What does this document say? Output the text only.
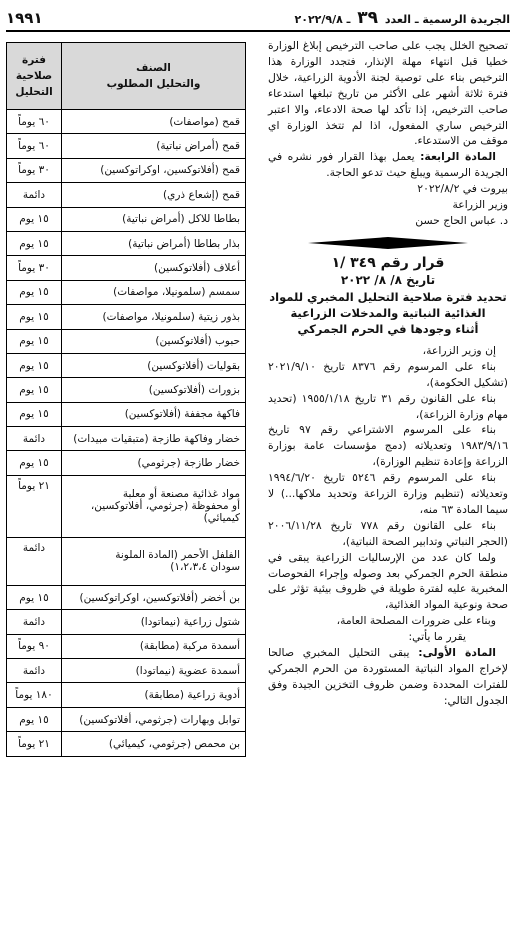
١٩٩١	الجريدة الرسمية ـ العدد ٣٩ ـ ٢٠٢٢/٩/٨

تصحيح الخلل يجب على صاحب الترخيص إبلاغ الوزارة خطيا قبل انتهاء مهلة الإنذار، فتجدد الوزارة هذا الترخيص بناء على توصية لجنة الأدوية الزراعية، خلال فترة ثلاثة أشهر على الأكثر من تاريخ تبلغها استدعاء صاحب الترخيص، إذا تأكد لها صحة الادعاء، والا اعتبر الترخيص ساري المفعول، اذا لم تتخذ الوزارة اي موقف من الاستدعاء.

المادة الرابعة: يعمل بهذا القرار فور نشره في الجريدة الرسمية ويبلغ حيث تدعو الحاجة.

بيروت في ٢٠٢٢/٨/٢

وزير الزراعة

د. عباس الحاج حسن

قرار رقم ٣٤٩ /١

تاريخ ٨/ ٨/ ٢٠٢٢

تحديد فترة صلاحية التحليل المخبري للمواد

الغذائية النباتية والمدخلات الزراعية

أثناء وجودها في الحرم الجمركي

إن وزير الزراعة،

بناء على المرسوم رقم ٨٣٧٦ تاريخ ٢٠٢١/٩/١٠ (تشكيل الحكومة)،

بناء على القانون رقم ٣١ تاريخ ١٩٥٥/١/١٨ (تحديد مهام وزارة الزراعة)،

بناء على المرسوم الاشتراعي رقم ٩٧ تاريخ ١٩٨٣/٩/١٦ وتعديلاته (دمج مؤسسات عامة بوزارة الزراعة وإعادة تنظيم الوزارة)،

بناء على المرسوم رقم ٥٢٤٦ تاريخ ١٩٩٤/٦/٢٠ وتعديلاته (تنظيم وزارة الزراعة وتحديد ملاكها...) لا سيما المادة ٦٣ منه،

بناء على القانون رقم ٧٧٨ تاريخ ٢٠٠٦/١١/٢٨ (الحجر النباتي وتدابير الصحة النباتية)،

ولما كان عدد من الإرساليات الزراعية يبقى في منطقة الحرم الجمركي بعد وصوله وإجراء الفحوصات المخبرية عليه لفترة طويلة في ظروف بيئية تؤثر على صحة ونوعية المواد الغذائية،

وبناء على ضرورات المصلحة العامة،

يقرر ما يأتي:

المادة الأولى: يبقى التحليل المخبري صالحا لإخراج المواد النباتية المستوردة من الحرم الجمركي للفترات المحددة وضمن ظروف التخزين الجيدة وفق الجدول التالي:

الصنف
والتحليل المطلوب	فترة
صلاحية
التحليل
قمح (مواصفات)	٦٠ يوماً
قمح (أمراض نباتية)	٦٠ يوماً
قمح (أفلاتوكسين، اوكراتوكسين)	٣٠ يوماً
قمح (إشعاع ذري)	دائمة
بطاطا للاكل (أمراض نباتية)	١٥ يوم
بذار بطاطا (أمراض نباتية)	١٥ يوم
أعلاف (أفلاتوكسين)	٣٠ يوماً
سمسم (سلمونيلا، مواصفات)	١٥ يوم
بذور زيتية (سلمونيلا، مواصفات)	١٥ يوم
حبوب (أفلاتوكسين)	١٥ يوم
بقوليات (أفلاتوكسين)	١٥ يوم
بزورات (أفلاتوكسين)	١٥ يوم
فاكهة مجففة (أفلاتوكسين)	١٥ يوم
خضار وفاكهة طازجة (متبقيات مبيدات)	دائمة
خضار طازجة (جرثومي)	١٥ يوم
مواد غذائية مصنعة أو معلبة
أو محفوظة (جرثومي، أفلاتوكسين،
كيميائي)	٢١ يوماً
الفلفل الأحمر (المادة الملونة
سودان ١،٢،٣،٤)	دائمة
بن أخضر (أفلاتوكسين، اوكراتوكسين)	١٥ يوم
شتول زراعية (نيماتودا)	دائمة
أسمدة مركبة (مطابقة)	٩٠ يوماً
أسمدة عضوية (نيماتودا)	دائمة
أدوية زراعية (مطابقة)	١٨٠ يوماً
توابل وبهارات (جرثومي، أفلاتوكسين)	١٥ يوم
بن محمص (جرثومي، كيميائي)	٢١ يوماً
